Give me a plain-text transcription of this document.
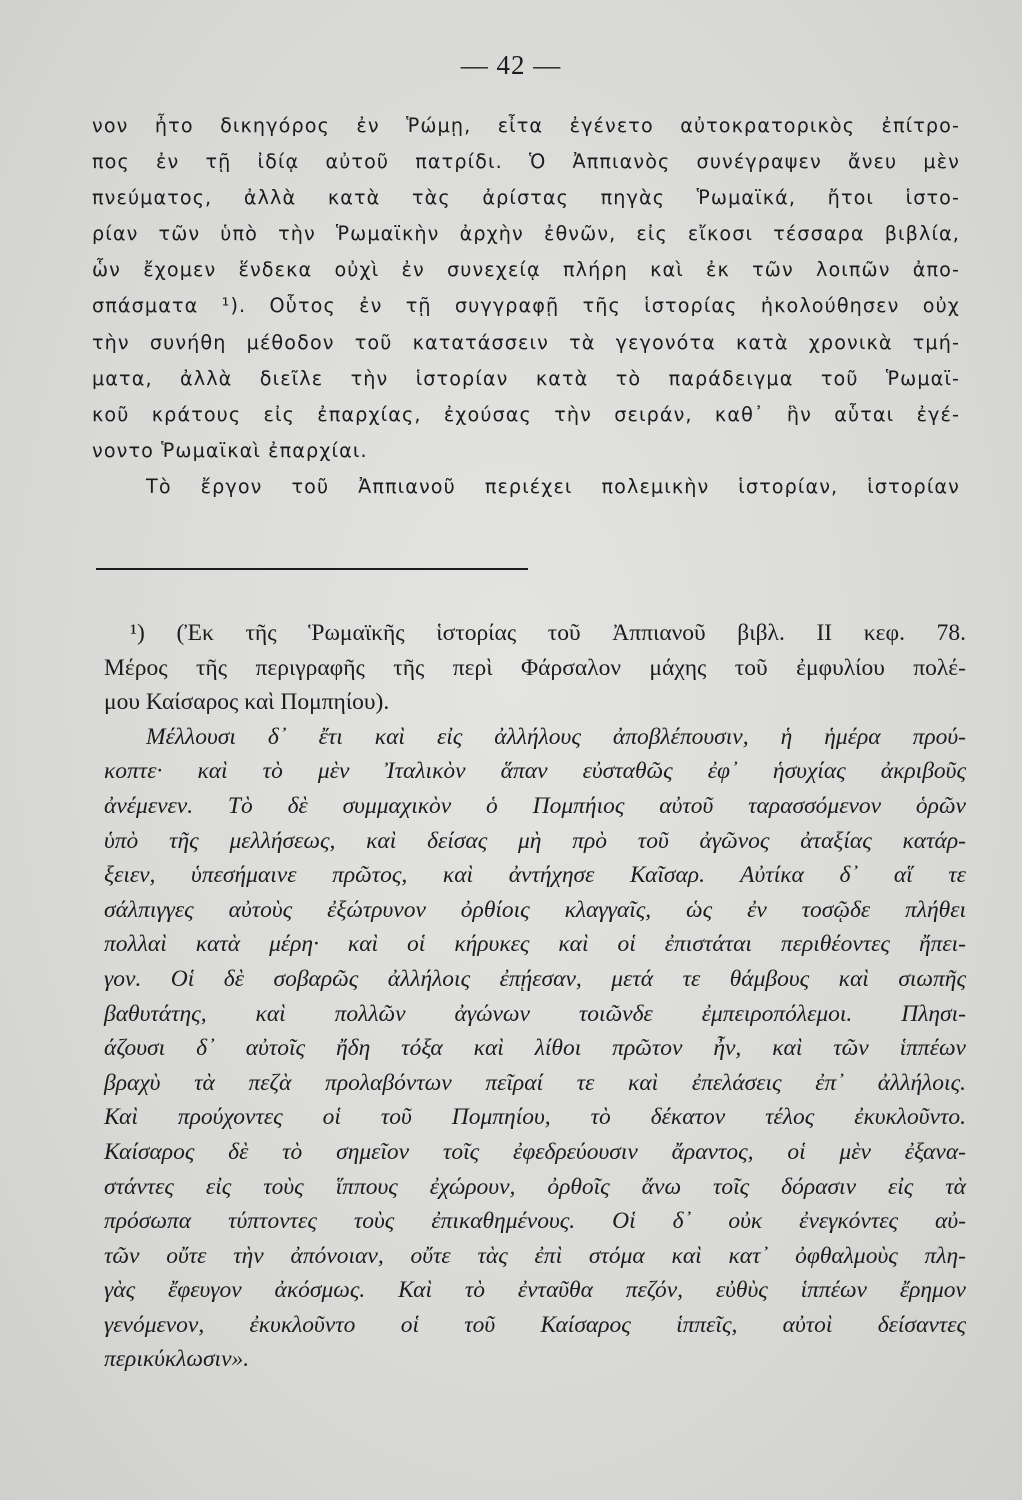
— 42 —
νον ἦτο δικηγόρος ἐν Ῥώμῃ, εἶτα ἐγένετο αὐτοκρατορικὸς ἐπίτρο-
πος ἐν τῇ ἰδίᾳ αὐτοῦ πατρίδι. Ὁ Ἀππιανὸς συνέγραψεν ἄνευ μὲν
πνεύματος, ἀλλὰ κατὰ τὰς ἀρίστας πηγὰς Ῥωμαϊκά, ἤτοι ἱστο-
ρίαν τῶν ὑπὸ τὴν Ῥωμαϊκὴν ἀρχὴν ἐθνῶν, εἰς εἴκοσι τέσσαρα βιβλία,
ὧν ἔχομεν ἕνδεκα οὐχὶ ἐν συνεχείᾳ πλήρη καὶ ἐκ τῶν λοιπῶν ἀπο-
σπάσματα ¹). Οὗτος ἐν τῇ συγγραφῇ τῆς ἱστορίας ἠκολούθησεν οὐχ
τὴν συνήθη μέθοδον τοῦ κατατάσσειν τὰ γεγονότα κατὰ χρονικὰ τμή-
ματα, ἀλλὰ διεῖλε τὴν ἱστορίαν κατὰ τὸ παράδειγμα τοῦ Ῥωμαϊ-
κοῦ κράτους εἰς ἐπαρχίας, ἐχούσας τὴν σειράν, καθ᾽ ἣν αὗται ἐγέ-
νοντο Ῥωμαϊκαὶ ἐπαρχίαι.
Τὸ ἔργον τοῦ Ἀππιανοῦ περιέχει πολεμικὴν ἱστορίαν, ἱστορίαν
¹) (Ἐκ τῆς Ῥωμαϊκῆς ἱστορίας τοῦ Ἀππιανοῦ βιβλ. II κεφ. 78.
Μέρος τῆς περιγραφῆς τῆς περὶ Φάρσαλον μάχης τοῦ ἐμφυλίου πολέ-
μου Καίσαρος καὶ Πομπηίου).
Μέλλουσι δ᾽ ἔτι καὶ εἰς ἀλλήλους ἀποβλέπουσιν, ἡ ἡμέρα πρού-
κοπτε· καὶ τὸ μὲν Ἰταλικὸν ἅπαν εὐσταθῶς ἐφ᾽ ἡσυχίας ἀκριβοῦς
ἀνέμενεν. Τὸ δὲ συμμαχικὸν ὁ Πομπήιος αὐτοῦ ταρασσόμενον ὁρῶν
ὑπὸ τῆς μελλήσεως, καὶ δείσας μὴ πρὸ τοῦ ἀγῶνος ἀταξίας κατάρ-
ξειεν, ὑπεσήμαινε πρῶτος, καὶ ἀντήχησε Καῖσαρ. Αὐτίκα δ᾽ αἵ τε
σάλπιγγες αὐτοὺς ἐξώτρυνον ὀρθίοις κλαγγαῖς, ὡς ἐν τοσῷδε πλήθει
πολλαὶ κατὰ μέρη· καὶ οἱ κήρυκες καὶ οἱ ἐπιστάται περιθέοντες ἤπει-
γον. Οἱ δὲ σοβαρῶς ἀλλήλοις ἐπῄεσαν, μετά τε θάμβους καὶ σιωπῆς
βαθυτάτης, καὶ πολλῶν ἀγώνων τοιῶνδε ἐμπειροπόλεμοι. Πλησι-
άζουσι δ᾽ αὐτοῖς ἤδη τόξα καὶ λίθοι πρῶτον ἦν, καὶ τῶν ἱππέων
βραχὺ τὰ πεζὰ προλαβόντων πεῖραί τε καὶ ἐπελάσεις ἐπ᾽ ἀλλήλοις.
Καὶ προύχοντες οἱ τοῦ Πομπηίου, τὸ δέκατον τέλος ἐκυκλοῦντο.
Καίσαρος δὲ τὸ σημεῖον τοῖς ἐφεδρεύουσιν ἄραντος, οἱ μὲν ἐξανα-
στάντες εἰς τοὺς ἵππους ἐχώρουν, ὀρθοῖς ἄνω τοῖς δόρασιν εἰς τὰ
πρόσωπα τύπτοντες τοὺς ἐπικαθημένους. Οἱ δ᾽ οὐκ ἐνεγκόντες αὐ-
τῶν οὔτε τὴν ἀπόνοιαν, οὔτε τὰς ἐπὶ στόμα καὶ κατ᾽ ὀφθαλμοὺς πλη-
γὰς ἔφευγον ἀκόσμως. Καὶ τὸ ἐνταῦθα πεζόν, εὐθὺς ἱππέων ἔρημον
γενόμενον, ἐκυκλοῦντο οἱ τοῦ Καίσαρος ἱππεῖς, αὐτοὶ δείσαντες
περικύκλωσιν».
